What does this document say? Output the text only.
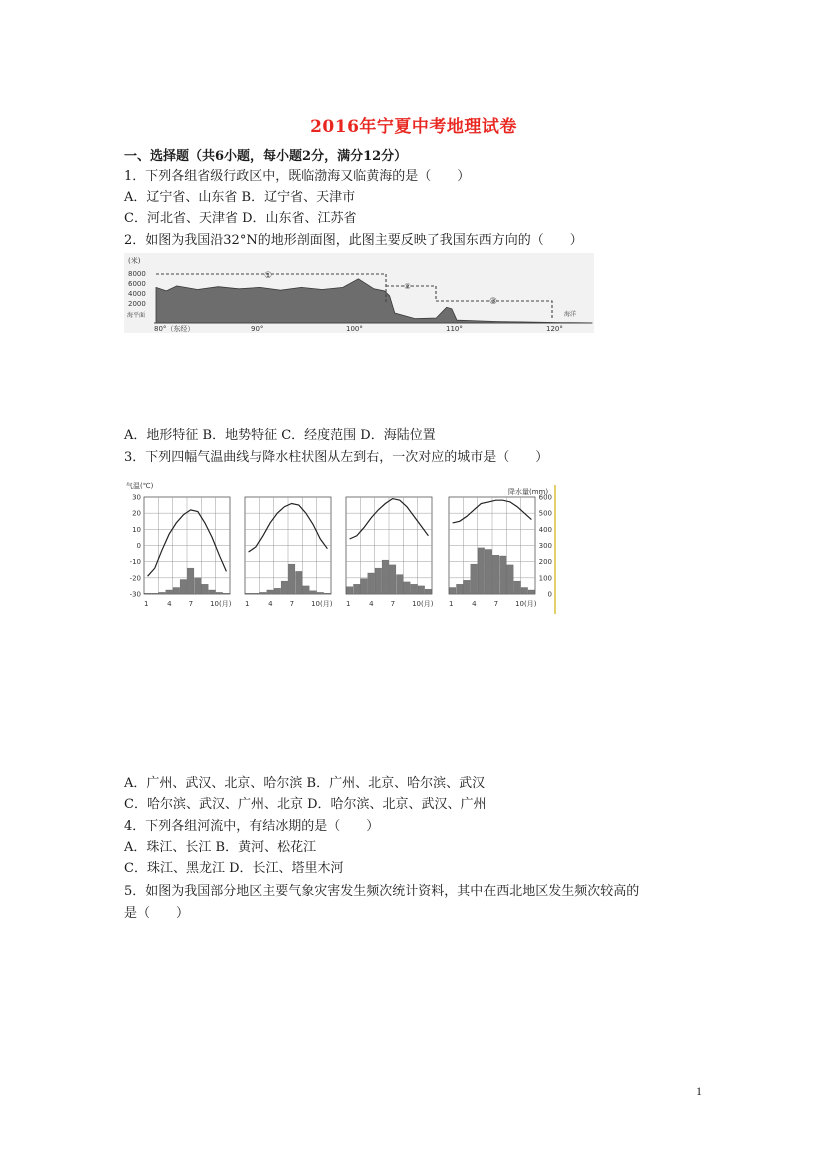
2016年宁夏中考地理试卷
一、选择题（共6小题，每小题2分，满分12分）
1．下列各组省级行政区中，既临渤海又临黄海的是（　　）
A．辽宁省、山东省 B．辽宁省、天津市
C．河北省、天津省 D．山东省、江苏省
2．如图为我国沿32°N的地形剖面图，此图主要反映了我国东西方向的（　　）
(米)
8000
6000
4000
2000
海平面
①
②
③
海洋
80°（东经）	90°	100°	110°	120°
A．地形特征 B．地势特征 C．经度范围 D．海陆位置
3．下列四幅气温曲线与降水柱状图从左到右，一次对应的城市是（　　）
气温(℃)
降水量(mm)
30
20
10
0
-10
-20
-30
600
500
400
300
200
100
0
1	4 7 10(月) 1	4 7 10(月) 1	4 7 10(月) 1	4 7 10(月)
A．广州、武汉、北京、哈尔滨 B．广州、北京、哈尔滨、武汉
C．哈尔滨、武汉、广州、北京 D．哈尔滨、北京、武汉、广州
4．下列各组河流中，有结冰期的是（　　）
A．珠江、长江 B．黄河、松花江
C．珠江、黑龙江 D．长江、塔里木河
5．如图为我国部分地区主要气象灾害发生频次统计资料，其中在西北地区发生频次较高的
是（　　）
1
